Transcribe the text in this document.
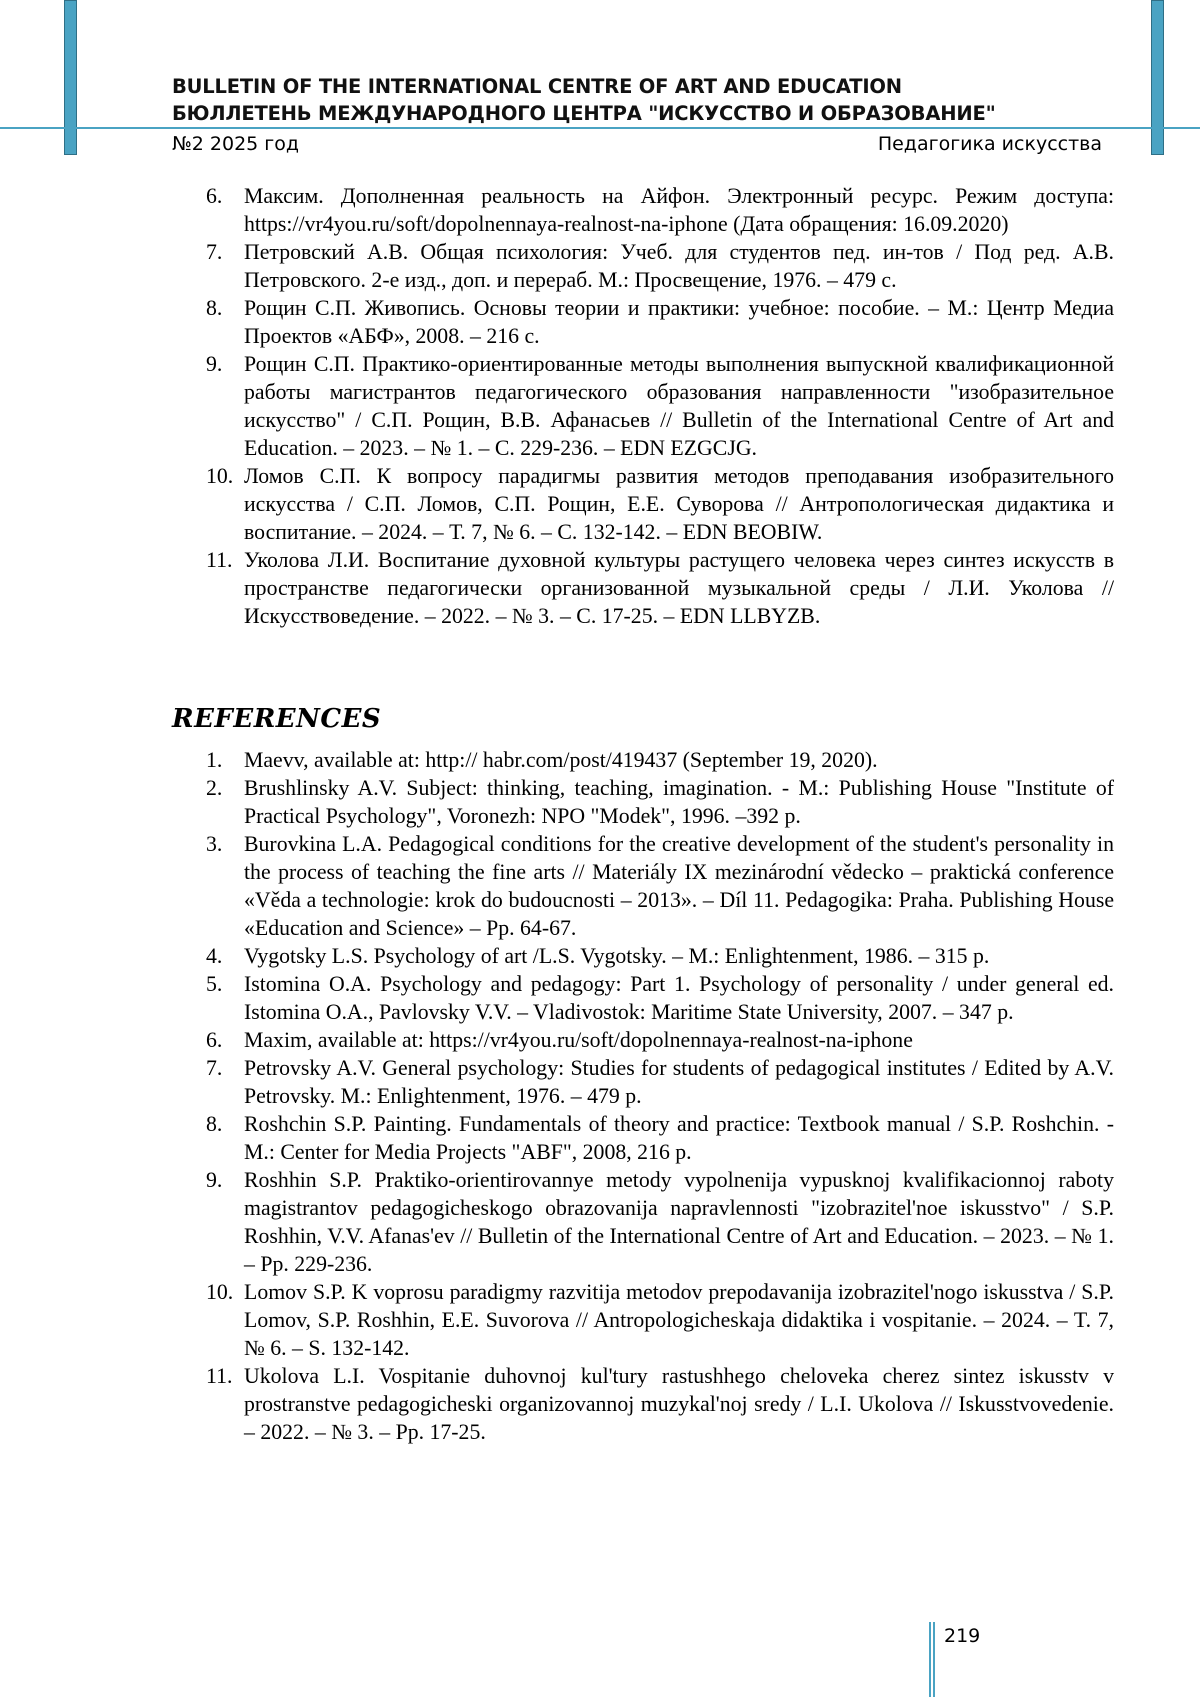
BULLETIN OF THE INTERNATIONAL CENTRE OF ART AND EDUCATION
БЮЛЛЕТЕНЬ МЕЖДУНАРОДНОГО ЦЕНТРА "ИСКУССТВО И ОБРАЗОВАНИЕ"
№2 2025 год	Педагогика искусства
6. Максим. Дополненная реальность на Айфон. Электронный ресурс. Режим доступа: https://vr4you.ru/soft/dopolnennaya-realnost-na-iphone (Дата обращения: 16.09.2020)
7. Петровский А.В. Общая психология: Учеб. для студентов пед. ин-тов / Под ред. А.В. Петровского. 2-е изд., доп. и перераб. М.: Просвещение, 1976. – 479 с.
8. Рощин С.П. Живопись. Основы теории и практики: учебное: пособие. – М.: Центр Медиа Проектов «АБФ», 2008. – 216 с.
9. Рощин С.П. Практико-ориентированные методы выполнения выпускной квалификационной работы магистрантов педагогического образования направленности "изобразительное искусство" / С.П. Рощин, В.В. Афанасьев // Bulletin of the International Centre of Art and Education. – 2023. – № 1. – С. 229-236. – EDN EZGCJG.
10. Ломов С.П. К вопросу парадигмы развития методов преподавания изобразительного искусства / С.П. Ломов, С.П. Рощин, Е.Е. Суворова // Антропологическая дидактика и воспитание. – 2024. – Т. 7, № 6. – С. 132-142. – EDN BEOBIW.
11. Уколова Л.И. Воспитание духовной культуры растущего человека через синтез искусств в пространстве педагогически организованной музыкальной среды / Л.И. Уколова // Искусствоведение. – 2022. – № 3. – С. 17-25. – EDN LLBYZB.
REFERENCES
1. Maevv, available at: http:// habr.com/post/419437 (September 19, 2020).
2. Brushlinsky A.V. Subject: thinking, teaching, imagination. - M.: Publishing House "Institute of Practical Psychology", Voronezh: NPO "Modek", 1996. –392 p.
3. Burovkina L.A. Pedagogical conditions for the creative development of the student's personality in the process of teaching the fine arts // Materiály IX mezinárodní vědecko – praktická conference «Věda a technologie: krok do budoucnosti – 2013». – Díl 11. Pedagogika: Praha. Publishing House «Education and Science» – Pp. 64-67.
4. Vygotsky L.S. Psychology of art /L.S. Vygotsky. – M.: Enlightenment, 1986. – 315 p.
5. Istomina O.A. Psychology and pedagogy: Part 1. Psychology of personality / under general ed. Istomina O.A., Pavlovsky V.V. – Vladivostok: Maritime State University, 2007. – 347 p.
6. Maxim, available at: https://vr4you.ru/soft/dopolnennaya-realnost-na-iphone
7. Petrovsky A.V. General psychology: Studies for students of pedagogical institutes / Edited by A.V. Petrovsky. M.: Enlightenment, 1976. – 479 p.
8. Roshchin S.P. Painting. Fundamentals of theory and practice: Textbook manual / S.P. Roshchin. - M.: Center for Media Projects "ABF", 2008, 216 p.
9. Roshhin S.P. Praktiko-orientirovannye metody vypolnenija vypusknoj kvalifikacionnoj raboty magistrantov pedagogicheskogo obrazovanija napravlennosti "izobrazitel'noe iskusstvo" / S.P. Roshhin, V.V. Afanas'ev // Bulletin of the International Centre of Art and Education. – 2023. – № 1. – Pp. 229-236.
10. Lomov S.P. K voprosu paradigmy razvitija metodov prepodavanija izobrazitel'nogo iskusstva / S.P. Lomov, S.P. Roshhin, E.E. Suvorova // Antropologicheskaja didaktika i vospitanie. – 2024. – T. 7, № 6. – S. 132-142.
11. Ukolova L.I. Vospitanie duhovnoj kul'tury rastushhego cheloveka cherez sintez iskusstv v prostranstve pedagogicheski organizovannoj muzykal'noj sredy / L.I. Ukolova // Iskusstvovedenie. – 2022. – № 3. – Pp. 17-25.
219
